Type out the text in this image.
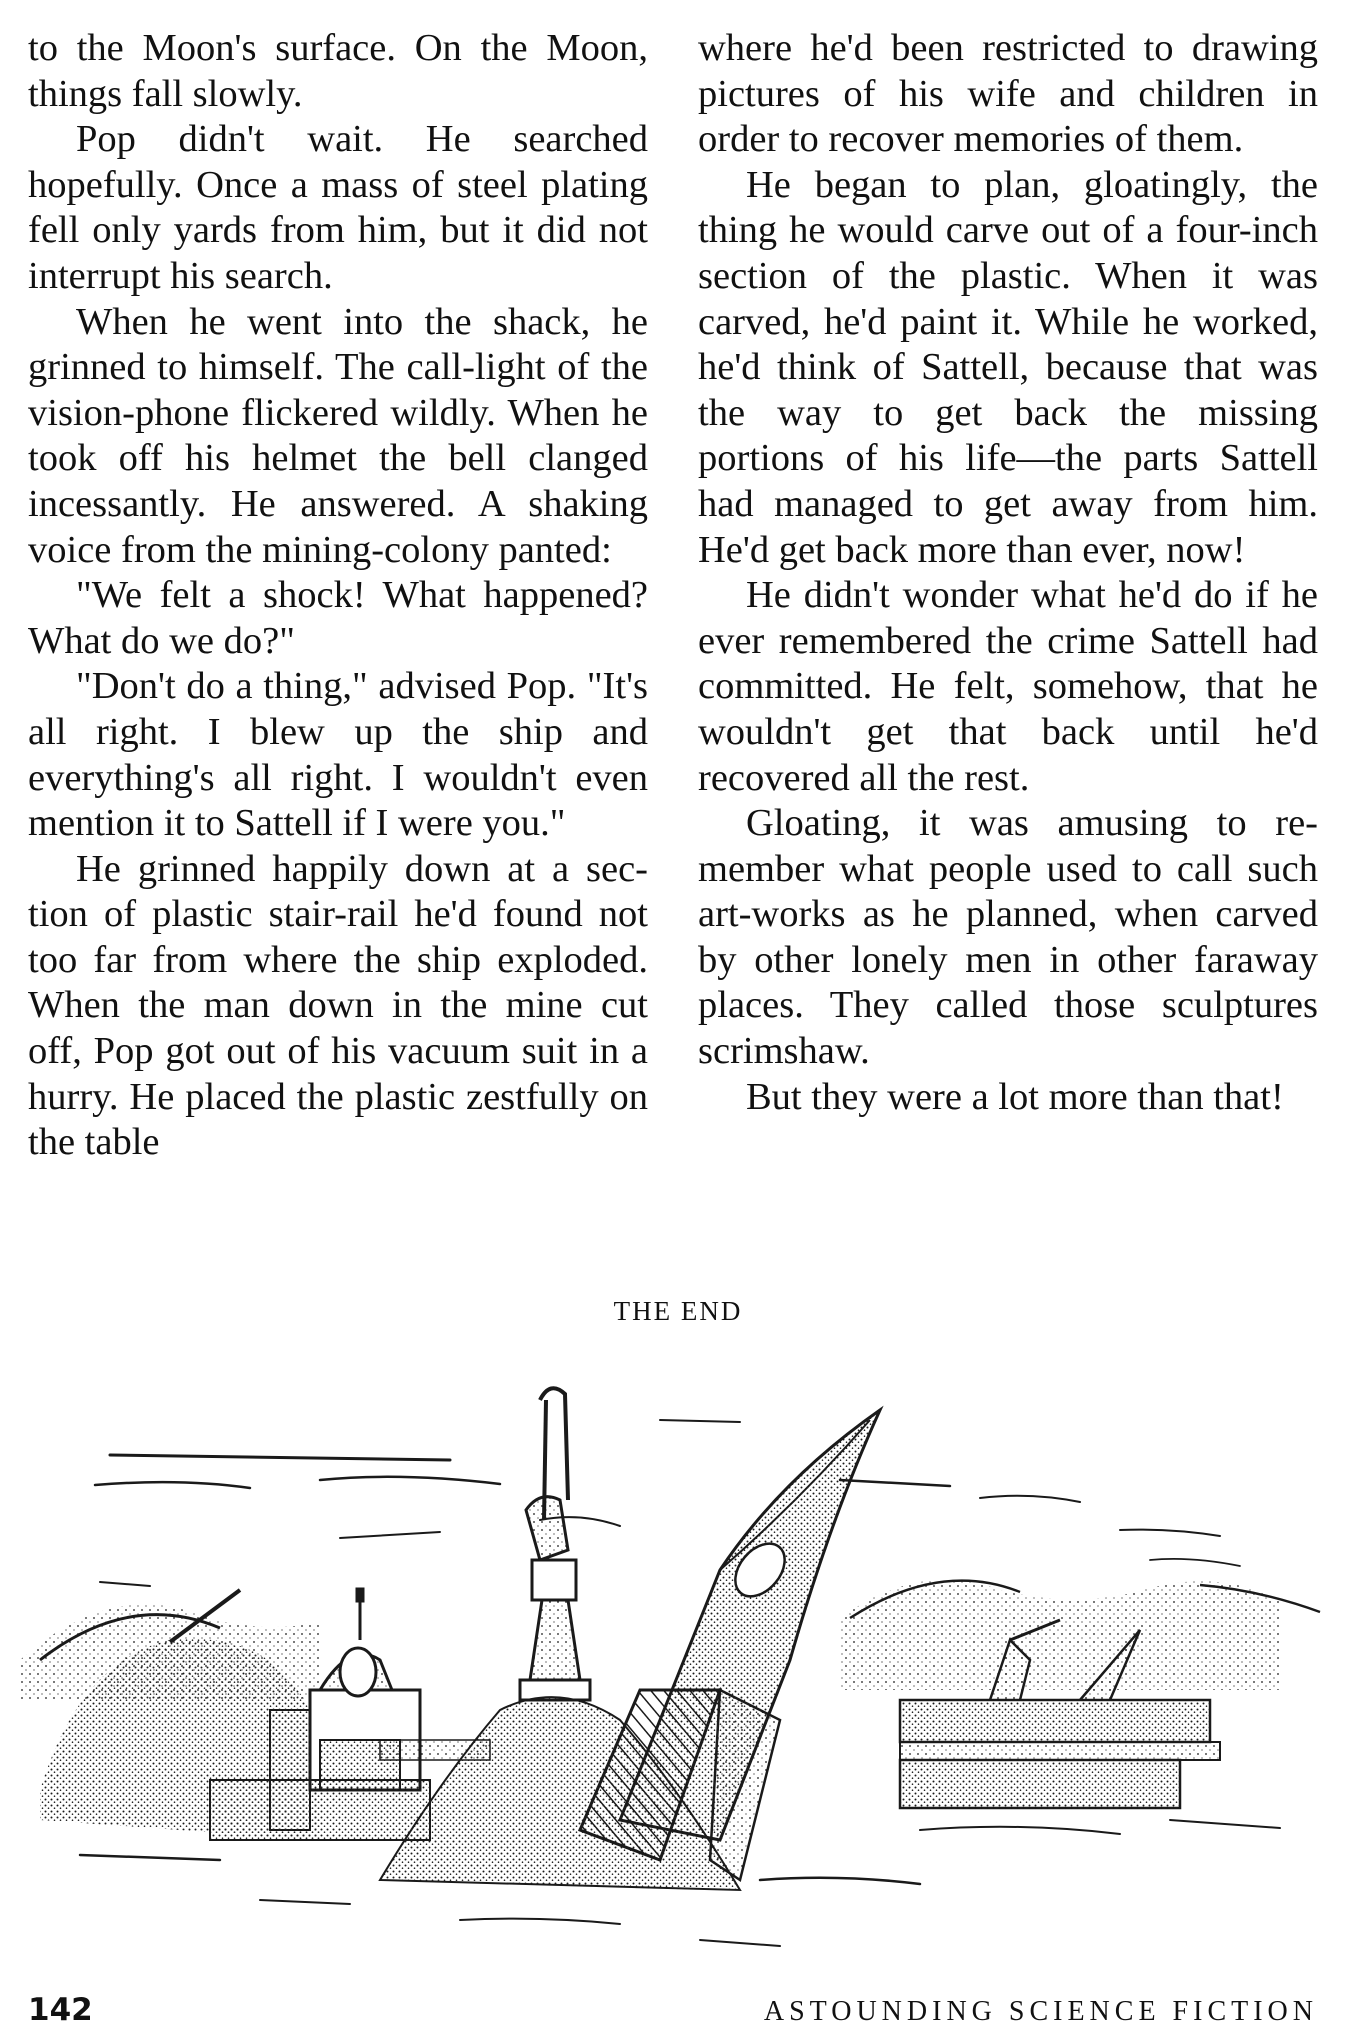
to the Moon's surface. On the Moon, things fall slowly.

Pop didn't wait. He searched hopefully. Once a mass of steel plating fell only yards from him, but it did not interrupt his search.

When he went into the shack, he grinned to himself. The call-light of the vision-phone flickered wildly. When he took off his helmet the bell clanged incessantly. He answered. A shaking voice from the mining-colony panted:

"We felt a shock! What happened? What do we do?"

"Don't do a thing," advised Pop. "It's all right. I blew up the ship and everything's all right. I wouldn't even mention it to Sattell if I were you."

He grinned happily down at a section of plastic stair-rail he'd found not too far from where the ship exploded. When the man down in the mine cut off, Pop got out of his vacuum suit in a hurry. He placed the plastic zestfully on the table

where he'd been restricted to drawing pictures of his wife and children in order to recover memories of them.

He began to plan, gloatingly, the thing he would carve out of a four-inch section of the plastic. When it was carved, he'd paint it. While he worked, he'd think of Sattell, because that was the way to get back the missing portions of his life—the parts Sattell had managed to get away from him. He'd get back more than ever, now!

He didn't wonder what he'd do if he ever remembered the crime Sattell had committed. He felt, somehow, that he wouldn't get that back until he'd recovered all the rest.

Gloating, it was amusing to remember what people used to call such art-works as he planned, when carved by other lonely men in other faraway places. They called those sculptures scrimshaw.

But they were a lot more than that!

THE END
142	ASTOUNDING SCIENCE FICTION
